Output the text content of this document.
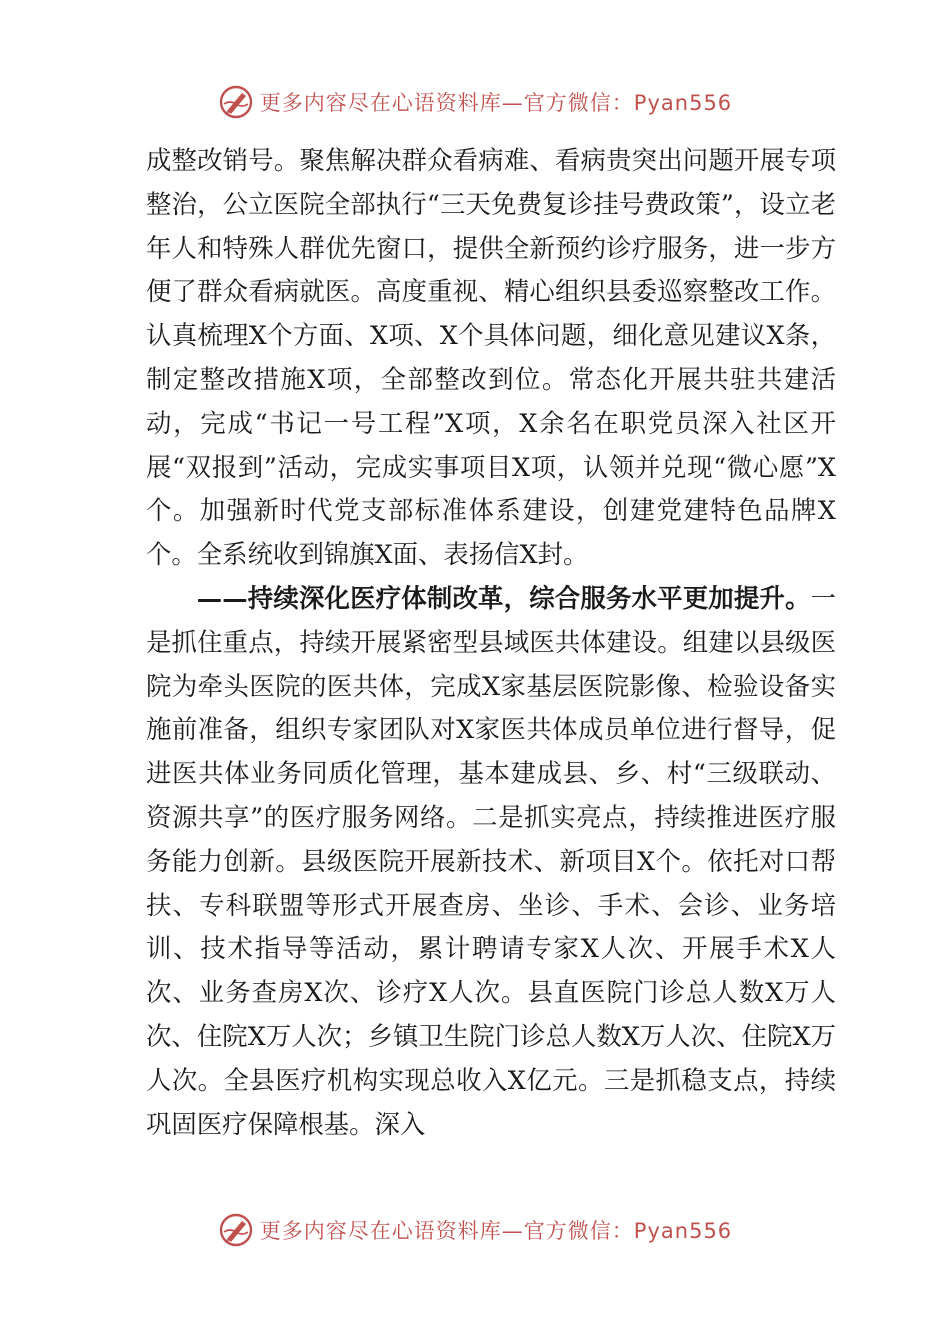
更多内容尽在心语资料库—官方微信：Pyan556

成整改销号。聚焦解决群众看病难、看病贵突出问题开展专项整治，公立医院全部执行“三天免费复诊挂号费政策”，设立老年人和特殊人群优先窗口，提供全新预约诊疗服务，进一步方便了群众看病就医。高度重视、精心组织县委巡察整改工作。认真梳理X个方面、X项、X个具体问题，细化意见建议X条，制定整改措施X项，全部整改到位。常态化开展共驻共建活动，完成“书记一号工程”X项，X余名在职党员深入社区开展“双报到”活动，完成实事项目X项，认领并兑现“微心愿”X个。加强新时代党支部标准体系建设，创建党建特色品牌X个。全系统收到锦旗X面、表扬信X封。

——持续深化医疗体制改革，综合服务水平更加提升。一是抓住重点，持续开展紧密型县域医共体建设。组建以县级医院为牵头医院的医共体，完成X家基层医院影像、检验设备实施前准备，组织专家团队对X家医共体成员单位进行督导，促进医共体业务同质化管理，基本建成县、乡、村“三级联动、资源共享”的医疗服务网络。二是抓实亮点，持续推进医疗服务能力创新。县级医院开展新技术、新项目X个。依托对口帮扶、专科联盟等形式开展查房、坐诊、手术、会诊、业务培训、技术指导等活动，累计聘请专家X人次、开展手术X人次、业务查房X次、诊疗X人次。县直医院门诊总人数X万人次、住院X万人次；乡镇卫生院门诊总人数X万人次、住院X万人次。全县医疗机构实现总收入X亿元。三是抓稳支点，持续巩固医疗保障根基。深入

更多内容尽在心语资料库—官方微信：Pyan556
